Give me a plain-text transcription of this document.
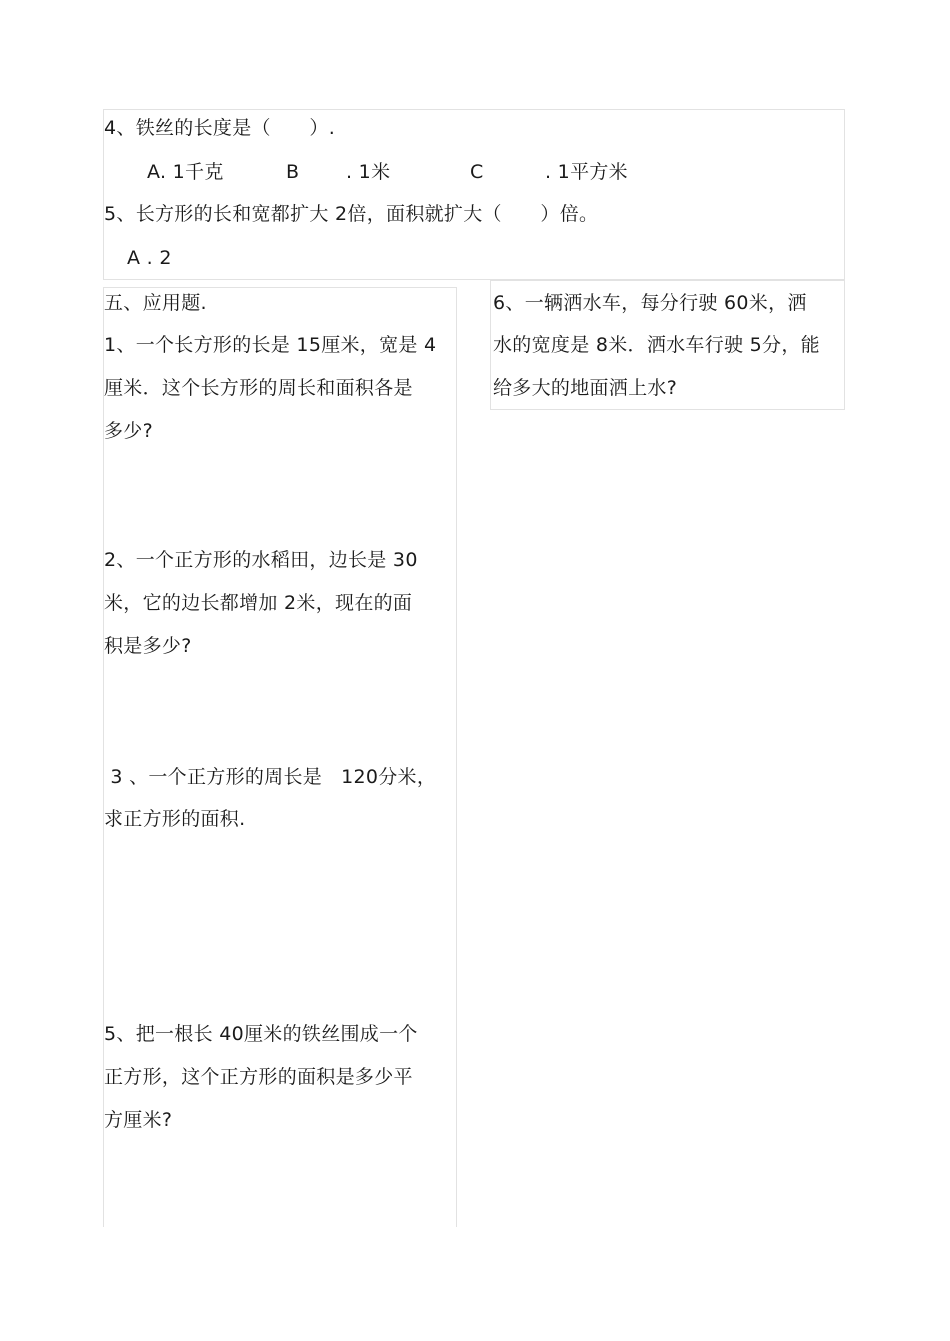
4、铁丝的长度是（　　）.
A. 1千克	B . 1米	C	. 1平方米
5、长方形的长和宽都扩大 2倍，面积就扩大（　　）倍。
A . 2
五、应用题.
1、一个长方形的长是 15厘米，宽是 4
厘米．这个长方形的周长和面积各是
多少?
2、一个正方形的水稻田，边长是 30
米，它的边长都增加 2米，现在的面
积是多少?
3 、一个正方形的周长是   120分米，
求正方形的面积.
5、把一根长 40厘米的铁丝围成一个
正方形，这个正方形的面积是多少平
方厘米?
6、一辆洒水车，每分行驶 60米，洒
水的宽度是 8米．洒水车行驶 5分，能
给多大的地面洒上水?
